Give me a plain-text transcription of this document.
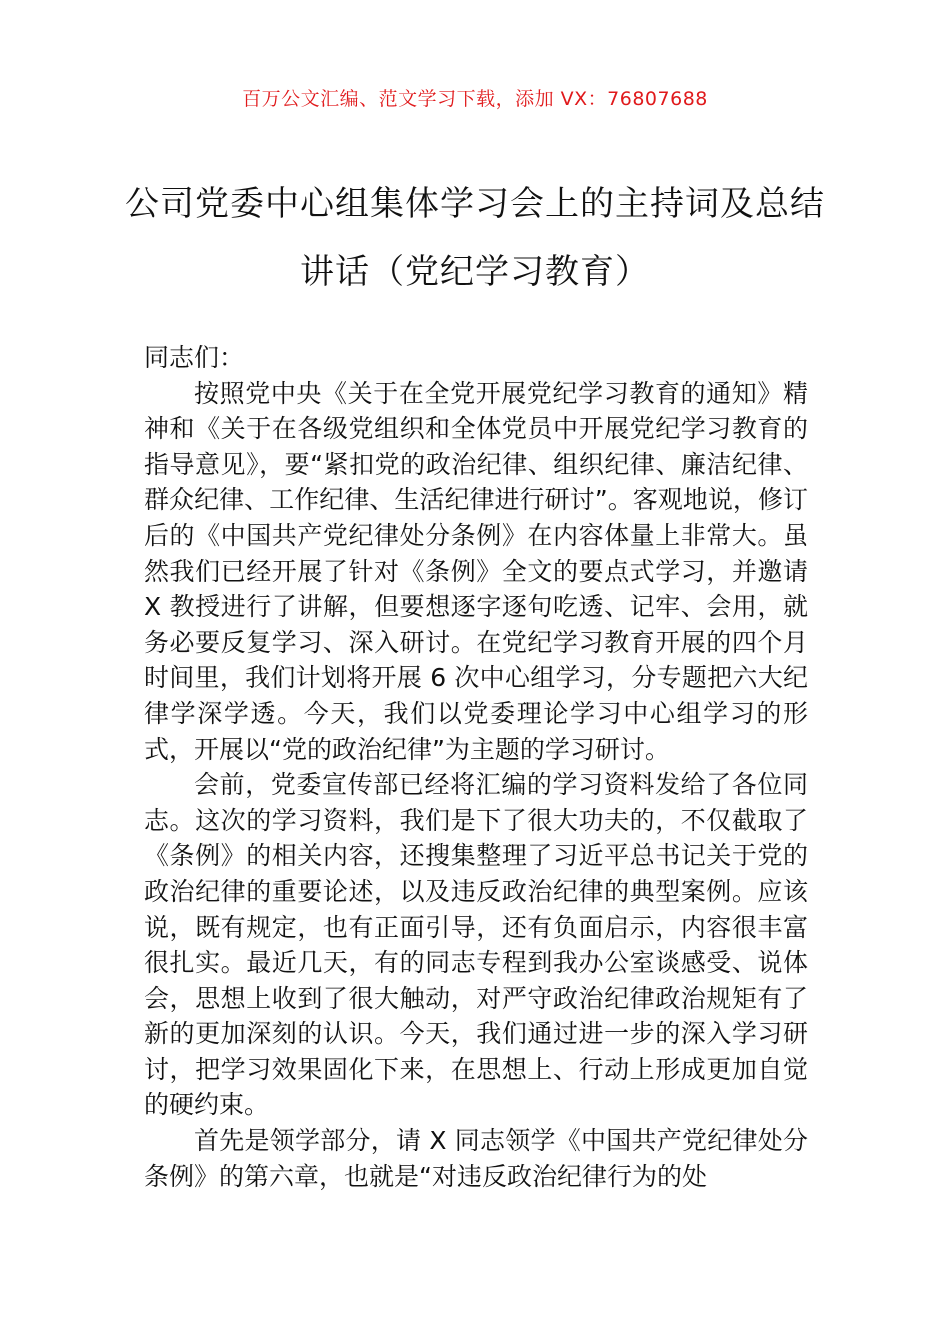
百万公文汇编、范文学习下载，添加 VX：76807688
公司党委中心组集体学习会上的主持词及总结讲话（党纪学习教育）

同志们：

按照党中央《关于在全党开展党纪学习教育的通知》精神和《关于在各级党组织和全体党员中开展党纪学习教育的指导意见》，要“紧扣党的政治纪律、组织纪律、廉洁纪律、群众纪律、工作纪律、生活纪律进行研讨”。客观地说，修订后的《中国共产党纪律处分条例》在内容体量上非常大。虽然我们已经开展了针对《条例》全文的要点式学习，并邀请 X 教授进行了讲解，但要想逐字逐句吃透、记牢、会用，就务必要反复学习、深入研讨。在党纪学习教育开展的四个月时间里，我们计划将开展 6 次中心组学习，分专题把六大纪律学深学透。今天，我们以党委理论学习中心组学习的形式，开展以“党的政治纪律”为主题的学习研讨。

会前，党委宣传部已经将汇编的学习资料发给了各位同志。这次的学习资料，我们是下了很大功夫的，不仅截取了《条例》的相关内容，还搜集整理了习近平总书记关于党的政治纪律的重要论述，以及违反政治纪律的典型案例。应该说，既有规定，也有正面引导，还有负面启示，内容很丰富很扎实。最近几天，有的同志专程到我办公室谈感受、说体会，思想上收到了很大触动，对严守政治纪律政治规矩有了新的更加深刻的认识。今天，我们通过进一步的深入学习研讨，把学习效果固化下来，在思想上、行动上形成更加自觉的硬约束。

首先是领学部分，请 X 同志领学《中国共产党纪律处分条例》的第六章，也就是“对违反政治纪律行为的处
